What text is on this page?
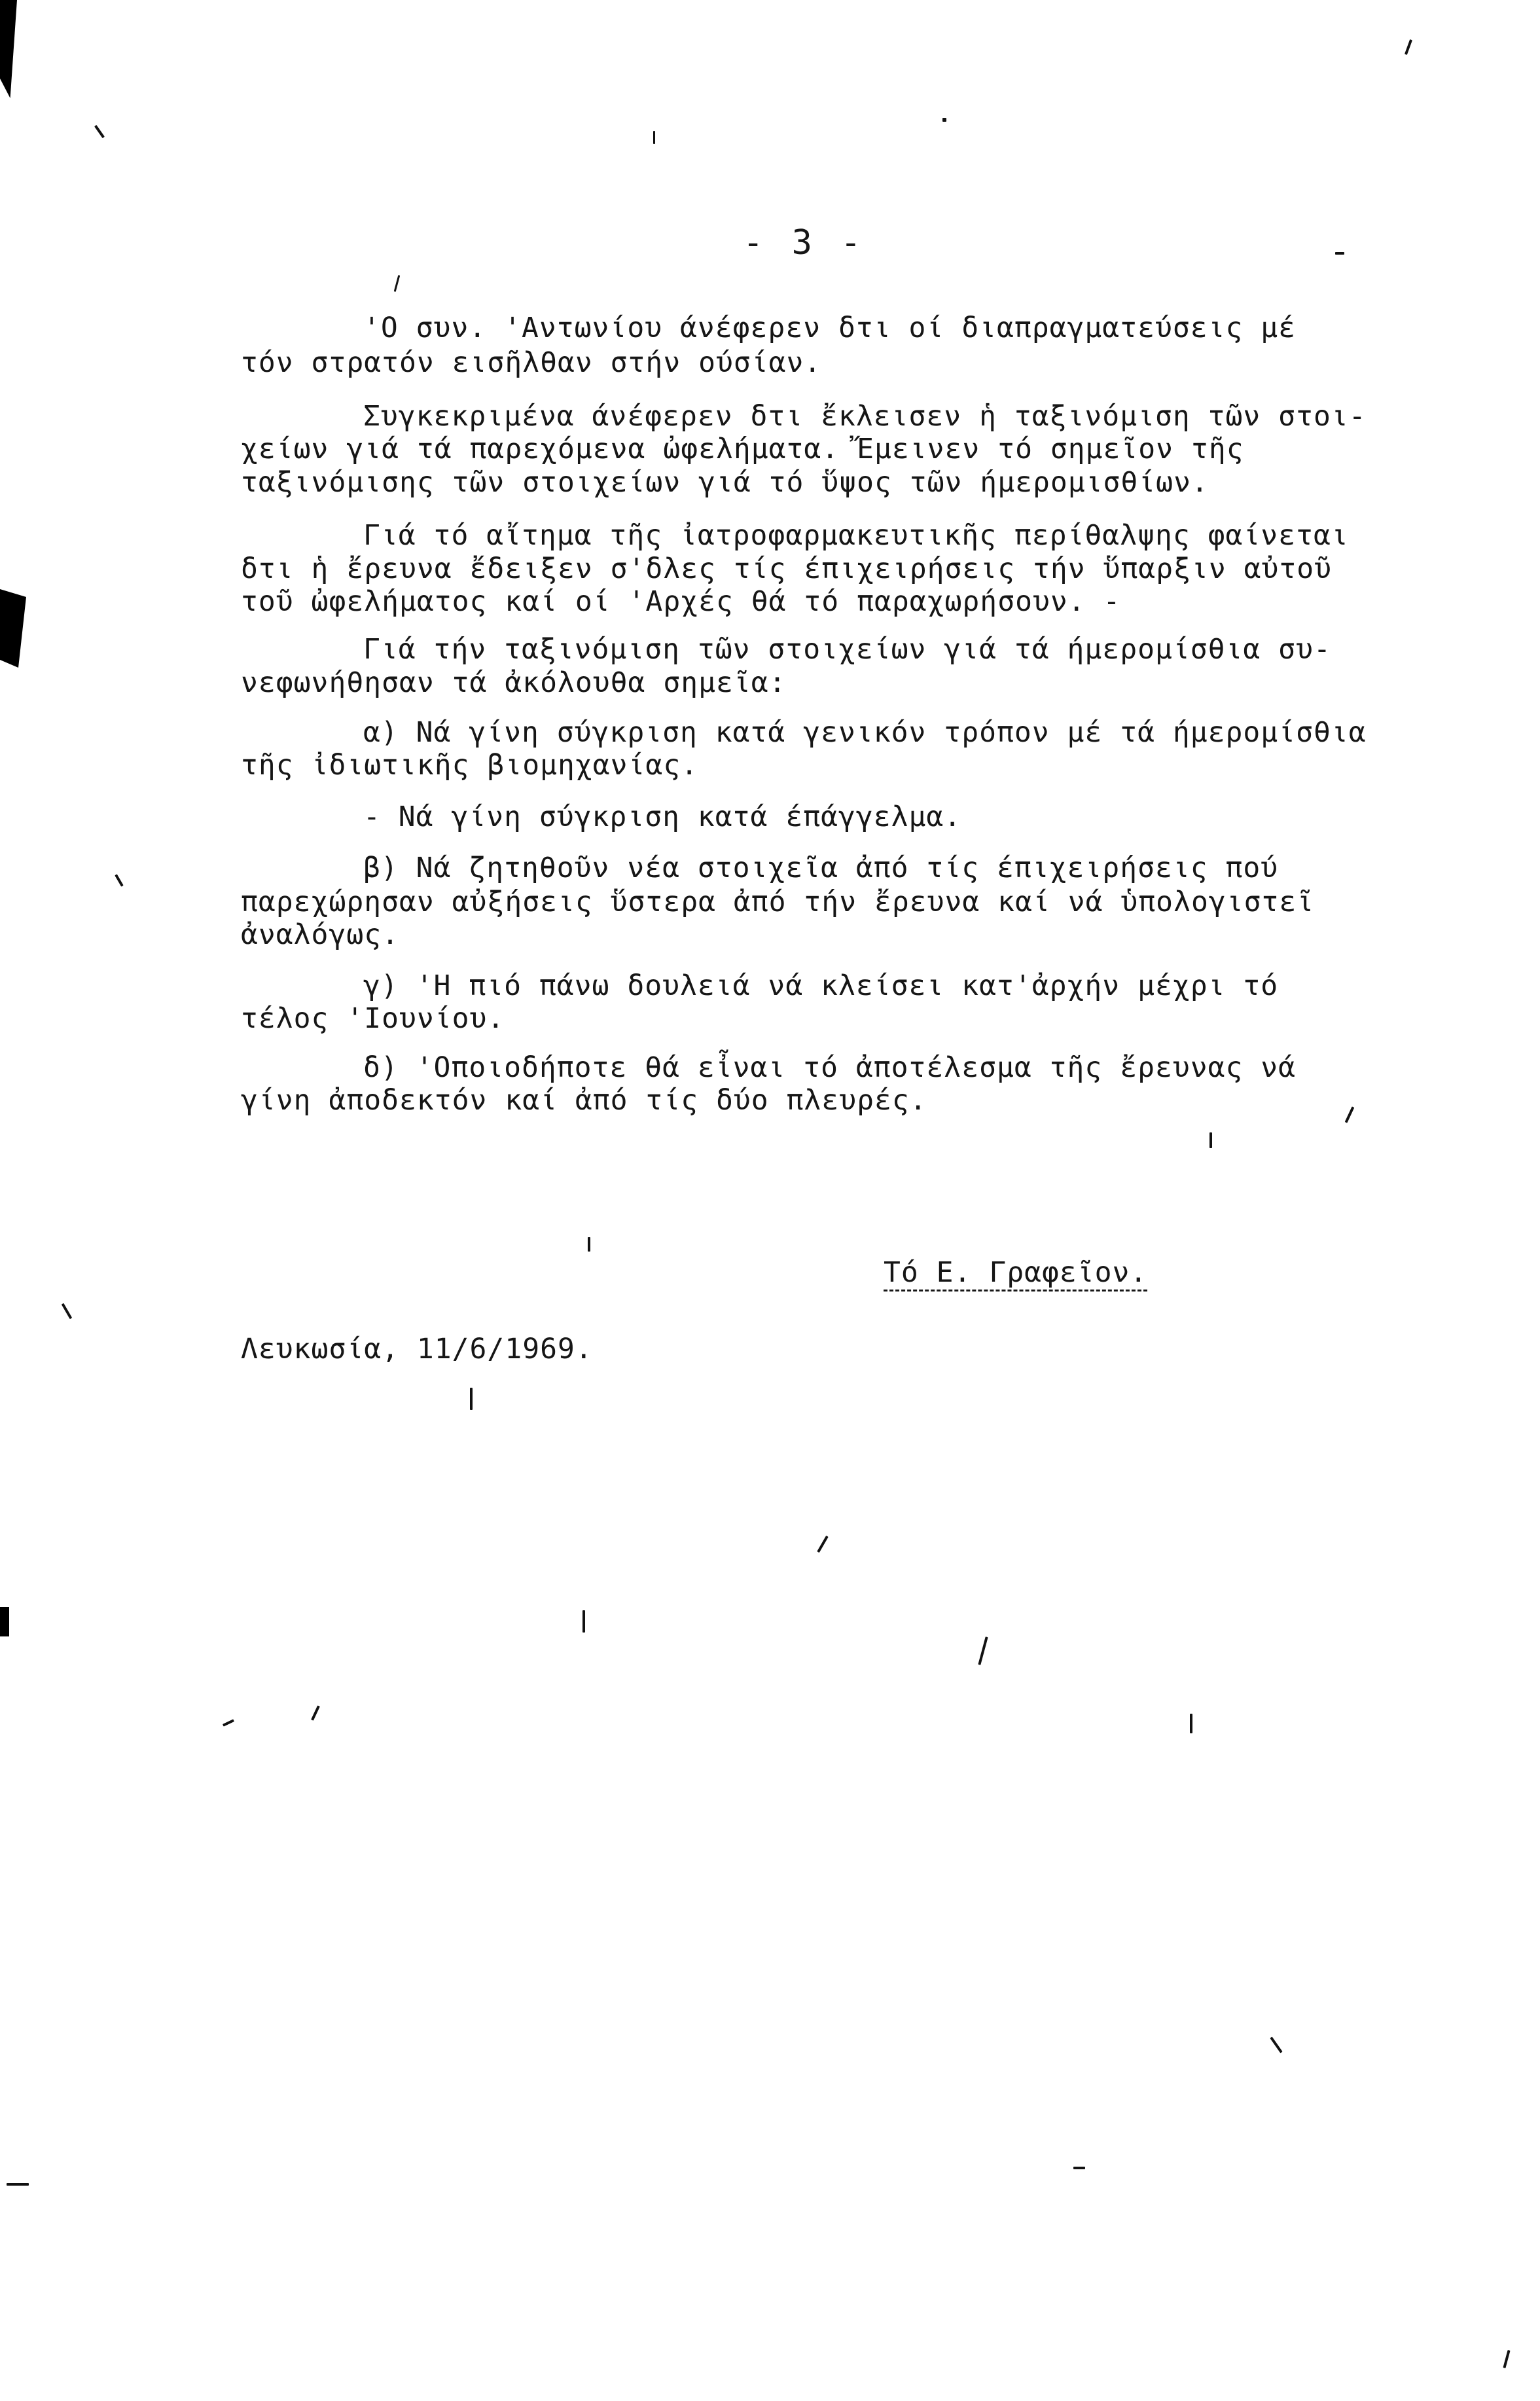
- 3 -

'Ο συν. 'Αντωνίου άνέφερεν δτι οί διαπραγματεύσεις μέ

τόν στρατόν εισῆλθαν στήν ούσίαν.

Συγκεκριμένα άνέφερεν δτι ἔκλεισεν ἡ ταξινόμιση τῶν στοι-

χείων γιά τά παρεχόμενα ὠφελήματα. Ἔμεινεν τό σημεῖον τῆς

ταξινόμισης τῶν στοιχείων γιά τό ὕψος τῶν ήμερομισθίων.

Γιά τό αἴτημα τῆς ἰατροφαρμακευτικῆς περίθαλψης φαίνεται

δτι ἡ ἔρευνα ἔδειξεν σ'δλες τίς έπιχειρήσεις τήν ὕπαρξιν αὐτοῦ

τοῦ ὠφελήματος καί οί 'Αρχές θά τό παραχωρήσουν. -

Γιά τήν ταξινόμιση τῶν στοιχείων γιά τά ήμερομίσθια συ-

νεφωνήθησαν τά ἀκόλουθα σημεῖα:

α) Νά γίνη σύγκριση κατά γενικόν τρόπον μέ τά ήμερομίσθια

τῆς ἰδιωτικῆς βιομηχανίας.

- Νά γίνη σύγκριση κατά έπάγγελμα.

β) Νά ζητηθοῦν νέα στοιχεῖα ἀπό τίς έπιχειρήσεις πού

παρεχώρησαν αὐξήσεις ὕστερα ἀπό τήν ἔρευνα καί νά ὑπολογιστεῖ

ἀναλόγως.

γ) 'Η πιό πάνω δουλειά νά κλείσει κατ'ἀρχήν μέχρι τό

τέλος 'Ιουνίου.

δ) 'Οποιοδήποτε θά εἶναι τό ἀποτέλεσμα τῆς ἔρευνας νά

γίνη ἀποδεκτόν καί ἀπό τίς δύο πλευρές.

Τό Ε. Γραφεῖον.

Λευκωσία, 11/6/1969.
